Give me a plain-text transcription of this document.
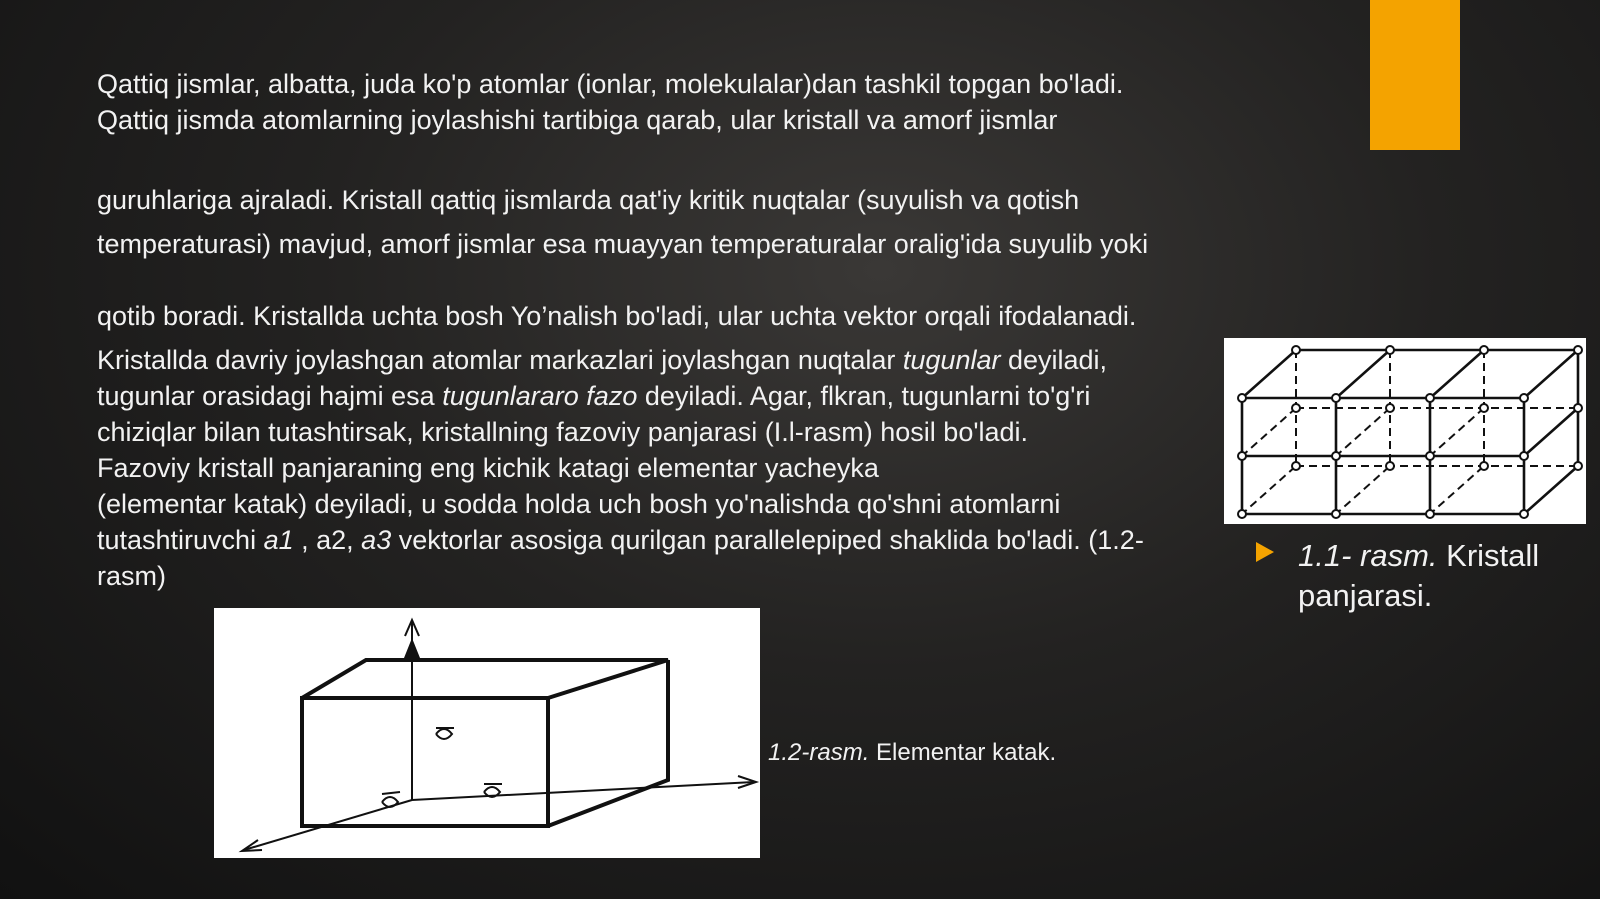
Qattiq jismlar, albatta, juda ko'p atomlar (ionlar, molekulalar)dan tashkil topgan bo'ladi.
Qattiq jismda atomlarning joylashishi tartibiga qarab, ular kristall va amorf jismlar

guruhlariga ajraladi. Kristall qattiq jismlarda qat'iy kritik nuqtalar (suyulish va qotish
temperaturasi) mavjud, amorf jismlar esa muayyan temperaturalar oralig'ida suyulib yoki

qotib boradi. Kristallda uchta bosh Yo’nalish bo'ladi, ular uchta vektor orqali ifodalanadi.

Kristallda davriy joylashgan atomlar markazlari joylashgan nuqtalar tugunlar deyiladi,
tugunlar orasidagi hajmi esa tugunlararo fazo deyiladi. Agar, flkran, tugunlarni to'g'ri
chiziqlar bilan tutashtirsak, kristallning fazoviy panjarasi (I.l-rasm) hosil bo'ladi.
Fazoviy kristall panjaraning eng kichik katagi elementar yacheyka
(elementar katak) deyiladi, u sodda holda uch bosh yo'nalishda qo'shni atomlarni
tutashtiruvchi a1 , a2, a3 vektorlar asosiga qurilgan parallelepiped shaklida bo'ladi. (1.2-
rasm)

1.1- rasm. Kristall
panjarasi.
1.2-rasm. Elementar katak.
